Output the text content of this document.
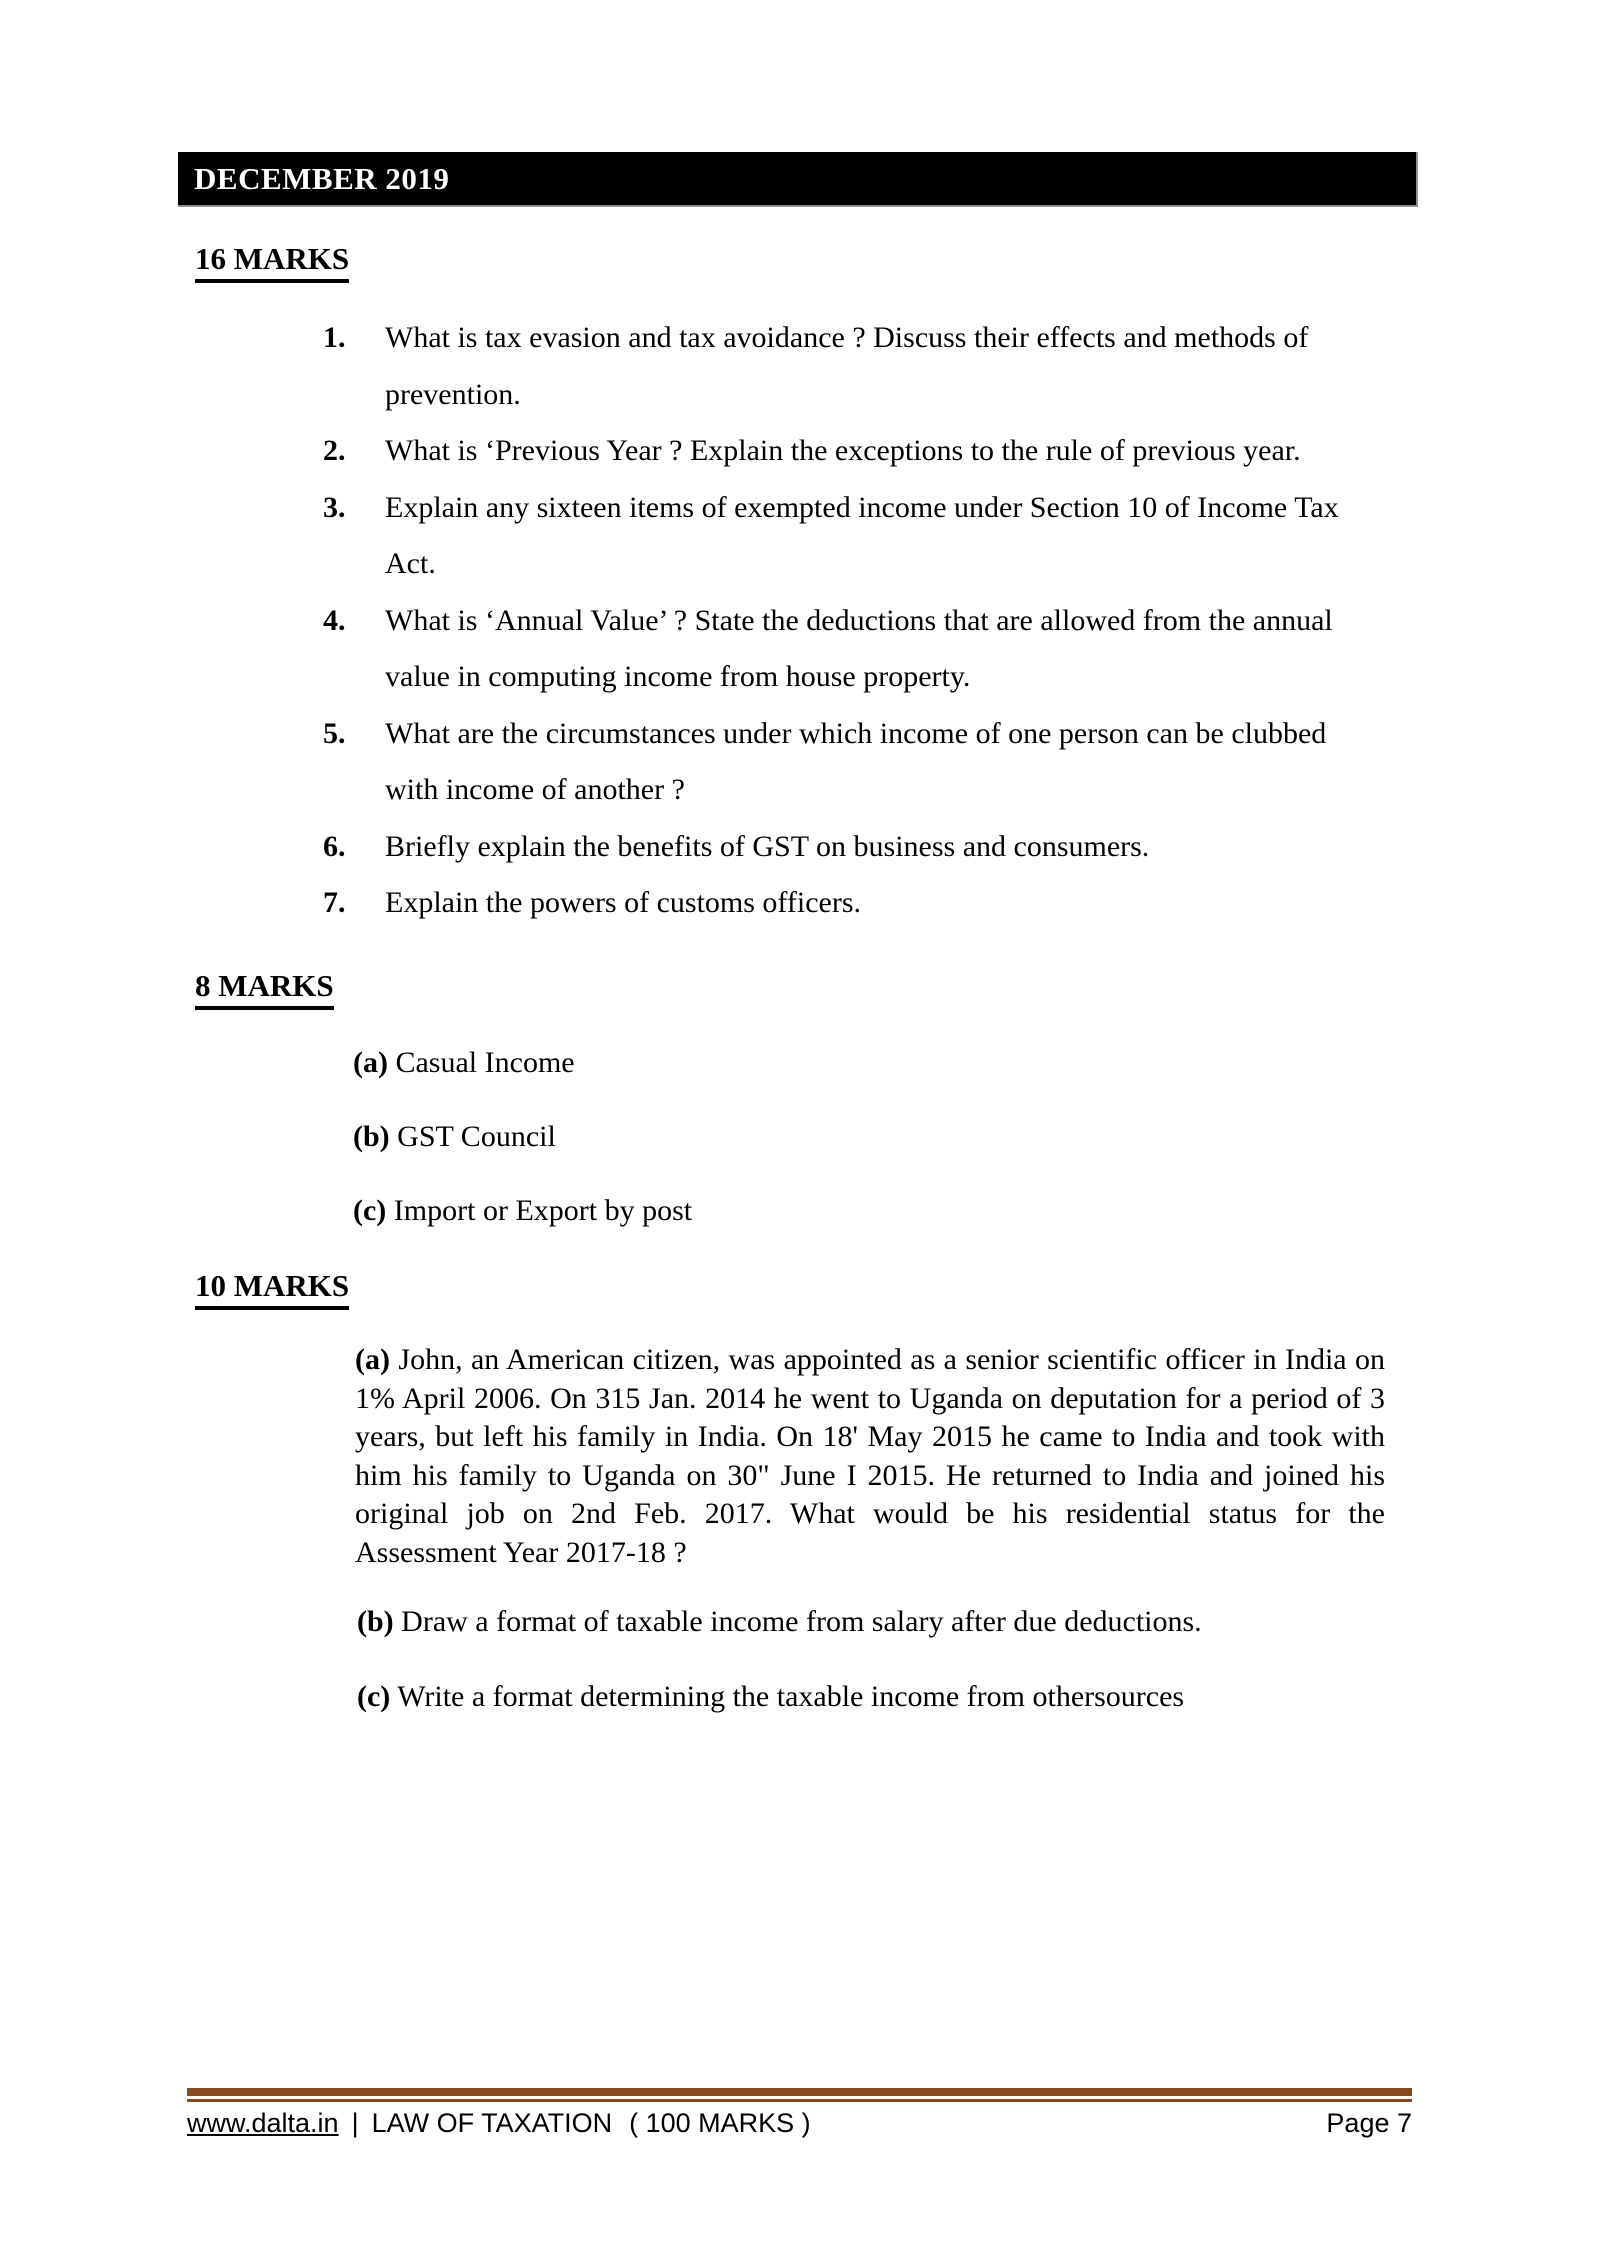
DECEMBER 2019
16 MARKS
1.	What is tax evasion and tax avoidance ? Discuss their effects and methods of prevention.
2.	What is ‘Previous Year ? Explain the exceptions to the rule of previous year.
3.	Explain any sixteen items of exempted income under Section 10 of Income Tax Act.
4.	What is ‘Annual Value’ ? State the deductions that are allowed from the annual value in computing income from house property.
5.	What are the circumstances under which income of one person can be clubbed with income of another ?
6.	Briefly explain the benefits of GST on business and consumers.
7.	Explain the powers of customs officers.
8 MARKS
(a) Casual Income
(b) GST Council
(c) Import or Export by post
10 MARKS

(a) John, an American citizen, was appointed as a senior scientific officer in India on 1% April 2006. On 315 Jan. 2014 he went to Uganda on deputation for a period of 3 years, but left his family in India. On 18' May 2015 he came to India and took with him his family to Uganda on 30" June I 2015. He returned to India and joined his original job on 2nd Feb. 2017. What would be his residential status for the Assessment Year 2017-18 ?

(b) Draw a format of taxable income from salary after due deductions.
(c) Write a format determining the taxable income from othersources
www.dalta.in | LAW OF TAXATION ( 100 MARKS )	Page 7
